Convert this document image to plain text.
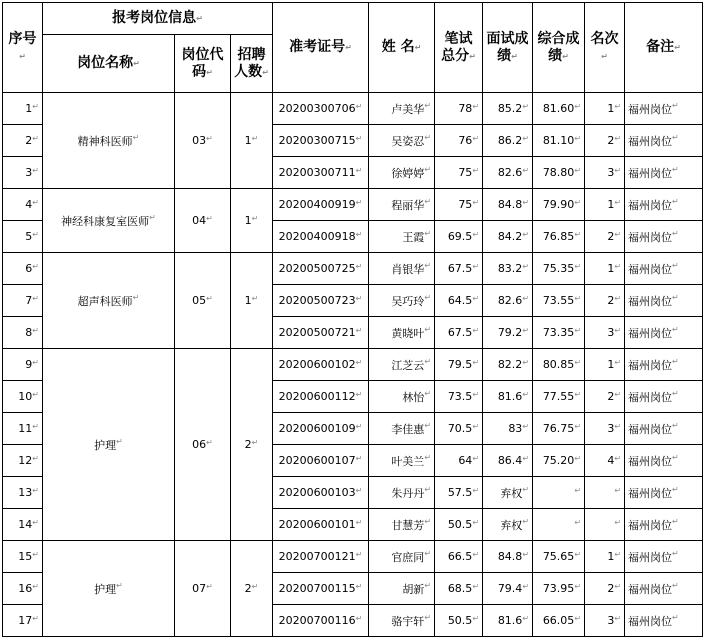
序号↵	报考岗位信息↵			准考证号↵	姓 名↵	笔试总分↵	面试成绩↵	综合成绩↵	名次↵	备注↵
	岗位名称↵	岗位代码↵	招聘人数↵
1↵	精神科医师↵	03↵	1↵	20200300706↵	卢美华↵	78↵	85.2↵	81.60↵	1↵	福州岗位↵
2↵				20200300715↵	吴姿忍↵	76↵	86.2↵	81.10↵	2↵	福州岗位↵
3↵				20200300711↵	徐婷婷↵	75↵	82.6↵	78.80↵	3↵	福州岗位↵
4↵	神经科康复室医师↵	04↵	1↵	20200400919↵	程丽华↵	75↵	84.8↵	79.90↵	1↵	福州岗位↵
5↵				20200400918↵	王霞↵	69.5↵	84.2↵	76.85↵	2↵	福州岗位↵
6↵	超声科医师↵	05↵	1↵	20200500725↵	肖银华↵	67.5↵	83.2↵	75.35↵	1↵	福州岗位↵
7↵				20200500723↵	吴巧玲↵	64.5↵	82.6↵	73.55↵	2↵	福州岗位↵
8↵				20200500721↵	黄晓叶↵	67.5↵	79.2↵	73.35↵	3↵	福州岗位↵
9↵	护理↵	06↵	2↵	20200600102↵	江芝云↵	79.5↵	82.2↵	80.85↵	1↵	福州岗位↵
10↵				20200600112↵	林怡↵	73.5↵	81.6↵	77.55↵	2↵	福州岗位↵
11↵				20200600109↵	李佳惠↵	70.5↵	83↵	76.75↵	3↵	福州岗位↵
12↵				20200600107↵	叶美兰↵	64↵	86.4↵	75.20↵	4↵	福州岗位↵
13↵				20200600103↵	朱丹丹↵	57.5↵	弃权↵	↵	↵	福州岗位↵
14↵				20200600101↵	甘慧芳↵	50.5↵	弃权↵	↵	↵	福州岗位↵
15↵	护理↵	07↵	2↵	20200700121↵	官庶同↵	66.5↵	84.8↵	75.65↵	1↵	福州岗位↵
16↵				20200700115↵	胡新↵	68.5↵	79.4↵	73.95↵	2↵	福州岗位↵
17↵				20200700116↵	骆宇轩↵	50.5↵	81.6↵	66.05↵	3↵	福州岗位↵
